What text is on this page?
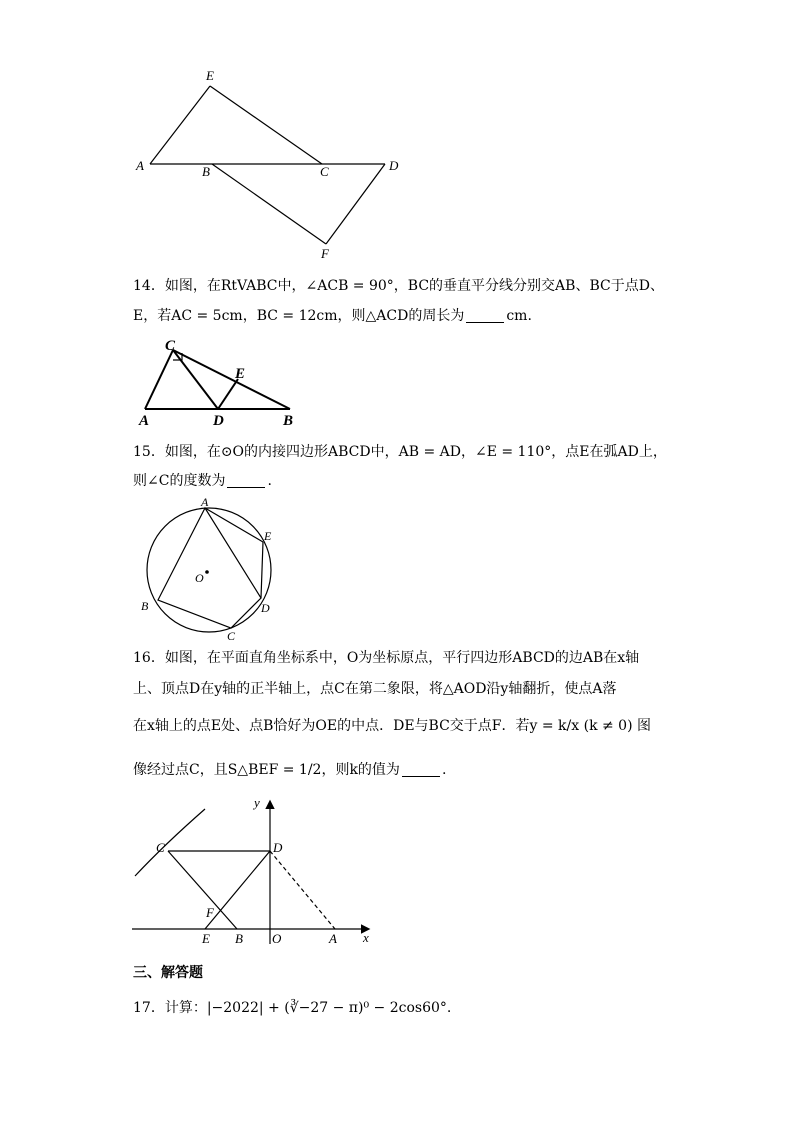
E
A	B	C	D
F
14．如图，在RtVABC中，∠ACB = 90°，BC的垂直平分线分别交AB、BC于点D、
E，若AC = 5cm，BC = 12cm，则△ACD的周长为	cm.
C
E
A	D	B
15．如图，在⊙O的内接四边形ABCD中，AB = AD，∠E = 110°，点E在弧AD上，
则∠C的度数为	.
A
E
O
B	D
C
16．如图，在平面直角坐标系中，O为坐标原点，平行四边形ABCD的边AB在x轴
上、顶点D在y轴的正半轴上，点C在第二象限，将△AOD沿y轴翻折，使点A落
在x轴上的点E处、点B恰好为OE的中点．DE与BC交于点F．若y = k/x (k ≠ 0) 图
像经过点C，且S△BEF = 1/2，则k的值为	.
y
x
C	D
F
E B O	A
三、解答题
17．计算：|−2022| + (∛−27 − π)⁰ − 2cos60°.
